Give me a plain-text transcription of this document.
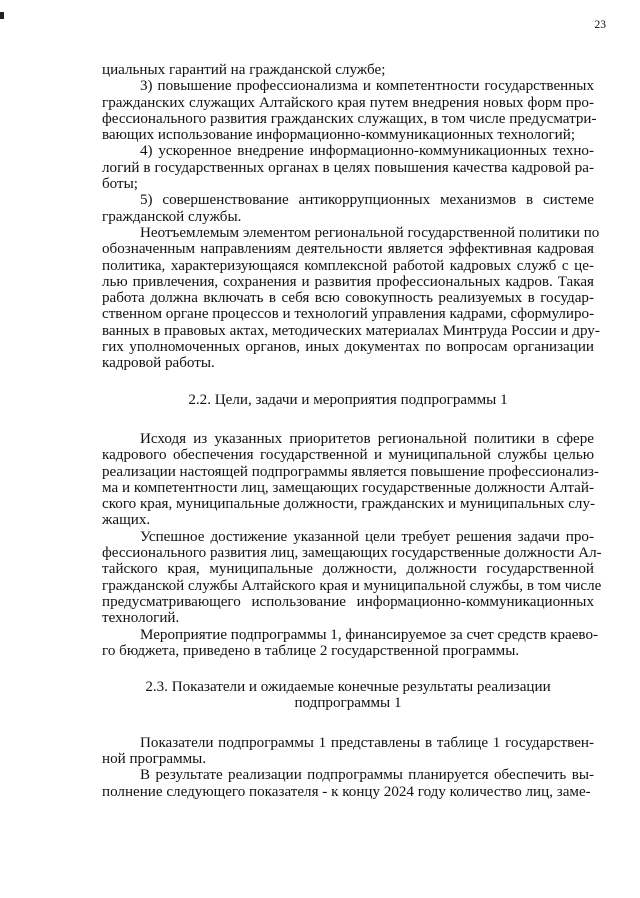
23
циальных гарантий на гражданской службе;
3) повышение профессионализма и компетентности государственных
гражданских служащих Алтайского края путем внедрения новых форм про-
фессионального развития гражданских служащих, в том числе предусматри-
вающих использование информационно-коммуникационных технологий;
4) ускоренное внедрение информационно-коммуникационных техно-
логий в государственных органах в целях повышения качества кадровой ра-
боты;
5) совершенствование антикоррупционных механизмов в системе
гражданской службы.
Неотъемлемым элементом региональной государственной политики по
обозначенным направлениям деятельности является эффективная кадровая
политика, характеризующаяся комплексной работой кадровых служб с це-
лью привлечения, сохранения и развития профессиональных кадров. Такая
работа должна включать в себя всю совокупность реализуемых в государ-
ственном органе процессов и технологий управления кадрами, сформулиро-
ванных в правовых актах, методических материалах Минтруда России и дру-
гих уполномоченных органов, иных документах по вопросам организации
кадровой работы.
2.2. Цели, задачи и мероприятия подпрограммы 1
Исходя из указанных приоритетов региональной политики в сфере
кадрового обеспечения государственной и муниципальной службы целью
реализации настоящей подпрограммы является повышение профессионализ-
ма и компетентности лиц, замещающих государственные должности Алтай-
ского края, муниципальные должности, гражданских и муниципальных слу-
жащих.
Успешное достижение указанной цели требует решения задачи про-
фессионального развития лиц, замещающих государственные должности Ал-
тайского края, муниципальные должности, должности государственной
гражданской службы Алтайского края и муниципальной службы, в том числе
предусматривающего использование информационно-коммуникационных
технологий.
Мероприятие подпрограммы 1, финансируемое за счет средств краево-
го бюджета, приведено в таблице 2 государственной программы.
2.3. Показатели и ожидаемые конечные результаты реализации
подпрограммы 1
Показатели подпрограммы 1 представлены в таблице 1 государствен-
ной программы.
В результате реализации подпрограммы планируется обеспечить вы-
полнение следующего показателя - к концу 2024 году количество лиц, заме-
